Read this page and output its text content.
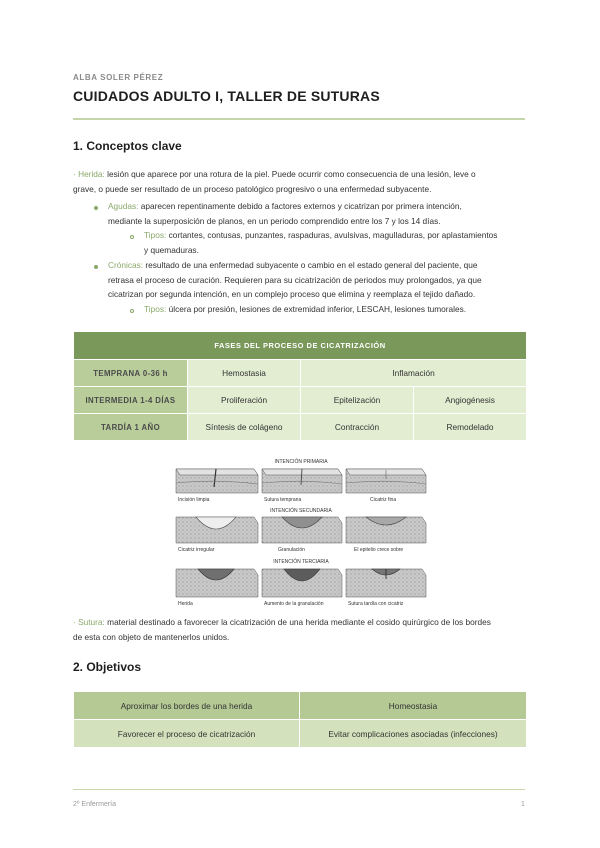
ALBA SOLER PÉREZ
CUIDADOS ADULTO I, TALLER DE SUTURAS
1. Conceptos clave
· Herida: lesión que aparece por una rotura de la piel. Puede ocurrir como consecuencia de una lesión, leve o
grave, o puede ser resultado de un proceso patológico progresivo o una enfermedad subyacente.
Agudas: aparecen repentinamente debido a factores externos y cicatrizan por primera intención,
mediante la superposición de planos, en un periodo comprendido entre los 7 y los 14 días.
Tipos: cortantes, contusas, punzantes, raspaduras, avulsivas, magulladuras, por aplastamientos
y quemaduras.
Crónicas: resultado de una enfermedad subyacente o cambio en el estado general del paciente, que
retrasa el proceso de curación. Requieren para su cicatrización de periodos muy prolongados, ya que
cicatrizan por segunda intención, en un complejo proceso que elimina y reemplaza el tejido dañado.
Tipos: úlcera por presión, lesiones de extremidad inferior, LESCAH, lesiones tumorales.
FASES DEL PROCESO DE CICATRIZACIÓN			
TEMPRANA 0-36 h	Hemostasia	Inflamación	
INTERMEDIA 1-4 DÍAS	Proliferación	Epitelización	Angiogénesis
TARDÍA 1 AÑO	Síntesis de colágeno	Contracción	Remodelado
INTENCIÓN PRIMARIA
Incisión limpia	Sutura temprana	Cicatriz fina
INTENCIÓN SECUNDARIA
Cicatriz irregular	Granulación	El epitelio crece sobre
INTENCIÓN TERCIARIA
Herida	Aumento de la granulación	Sutura tardía con cicatriz
· Sutura: material destinado a favorecer la cicatrización de una herida mediante el cosido quirúrgico de los bordes
de esta con objeto de mantenerlos unidos.
2. Objetivos
Aproximar los bordes de una herida	Homeostasia
Favorecer el proceso de cicatrización	Evitar complicaciones asociadas (infecciones)
2º Enfermería	1
